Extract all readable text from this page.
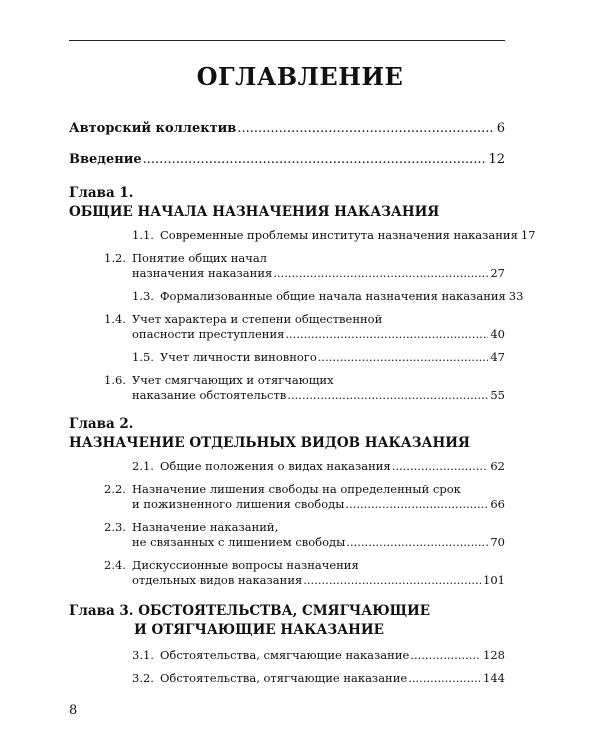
ОГЛАВЛЕНИЕ
Авторский коллектив .....	6
Введение .....	12
Глава 1. ОБЩИЕ НАЧАЛА НАЗНАЧЕНИЯ НАКАЗАНИЯ
1.1. Современные проблемы института назначения наказания 17
1.2. Понятие общих начал
назначения наказания .....	27
1.3. Формализованные общие начала назначения наказания 33
1.4. Учет характера и степени общественной
опасности преступления .....	40
1.5. Учет личности виновного .....	47
1.6. Учет смягчающих и отягчающих
наказание обстоятельств .....	55
Глава 2. НАЗНАЧЕНИЕ ОТДЕЛЬНЫХ ВИДОВ НАКАЗАНИЯ
2.1. Общие положения о видах наказания .....	62
2.2. Назначение лишения свободы на определенный срок
и пожизненного лишения свободы .....	66
2.3. Назначение наказаний,
не связанных с лишением свободы .....	70
2.4. Дискуссионные вопросы назначения
отдельных видов наказания .....	101
Глава 3. ОБСТОЯТЕЛЬСТВА, СМЯГЧАЮЩИЕ
И ОТЯГЧАЮЩИЕ НАКАЗАНИЕ
3.1. Обстоятельства, смягчающие наказание .....	128
3.2. Обстоятельства, отягчающие наказание .....	144
8
